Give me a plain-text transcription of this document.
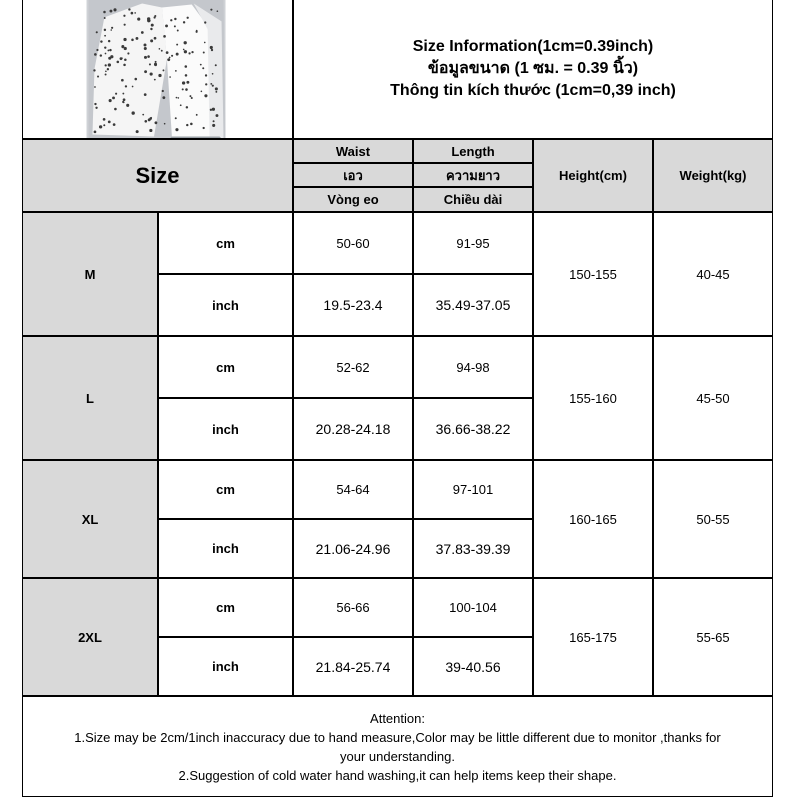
Size Information(1cm=0.39inch)
ข้อมูลขนาด (1 ซม. = 0.39 นิ้ว)
Thông tin kích thước (1cm=0,39 inch)
Size
Waist
เอว
Vòng eo
Length
ความยาว
Chiều dài
Height(cm)	Weight(kg)
M
cm	50-60	91-95
inch	19.5-23.4	35.49-37.05
150-155	40-45
L
cm	52-62	94-98
inch	20.28-24.18	36.66-38.22
155-160	45-50
XL
cm	54-64	97-101
inch	21.06-24.96	37.83-39.39
160-165	50-55
2XL
cm	56-66	100-104
inch	21.84-25.74	39-40.56
165-175	55-65
Attention:
1.Size may be 2cm/1inch inaccuracy due to hand measure,Color may be little different due to monitor ,thanks for
your understanding.
2.Suggestion of cold water hand washing,it can help items keep their shape.
